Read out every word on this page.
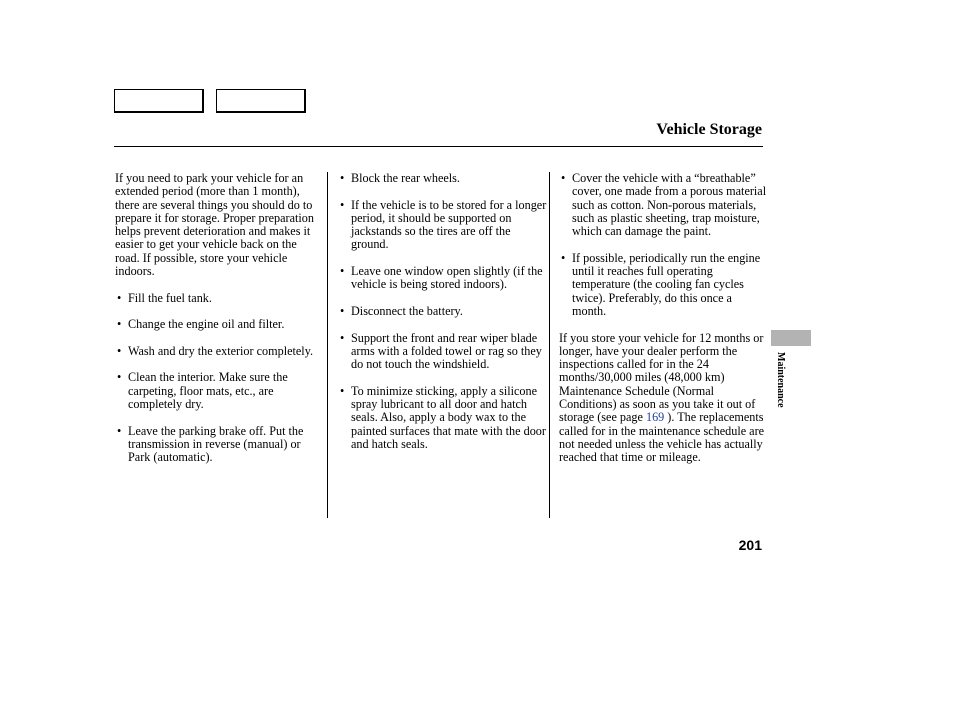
Vehicle Storage

If you need to park your vehicle for an extended period (more than 1 month), there are several things you should do to prepare it for storage. Proper preparation helps prevent deterioration and makes it easier to get your vehicle back on the road. If possible, store your vehicle indoors.

• Fill the fuel tank.

• Change the engine oil and filter.

• Wash and dry the exterior completely.

• Clean the interior. Make sure the carpeting, floor mats, etc., are completely dry.

• Leave the parking brake off. Put the transmission in reverse (manual) or Park (automatic).

• Block the rear wheels.

• If the vehicle is to be stored for a longer period, it should be supported on jackstands so the tires are off the ground.

• Leave one window open slightly (if the vehicle is being stored indoors).

• Disconnect the battery.

• Support the front and rear wiper blade arms with a folded towel or rag so they do not touch the windshield.

• To minimize sticking, apply a silicone spray lubricant to all door and hatch seals. Also, apply a body wax to the painted surfaces that mate with the door and hatch seals.

• Cover the vehicle with a “breathable” cover, one made from a porous material such as cotton. Non-porous materials, such as plastic sheeting, trap moisture, which can damage the paint.

• If possible, periodically run the engine until it reaches full operating temperature (the cooling fan cycles twice). Preferably, do this once a month.

If you store your vehicle for 12 months or longer, have your dealer perform the inspections called for in the 24 months/30,000 miles (48,000 km) Maintenance Schedule (Normal Conditions) as soon as you take it out of storage (see page 169 ). The replacements called for in the maintenance schedule are not needed unless the vehicle has actually reached that time or mileage.

Maintenance
201
